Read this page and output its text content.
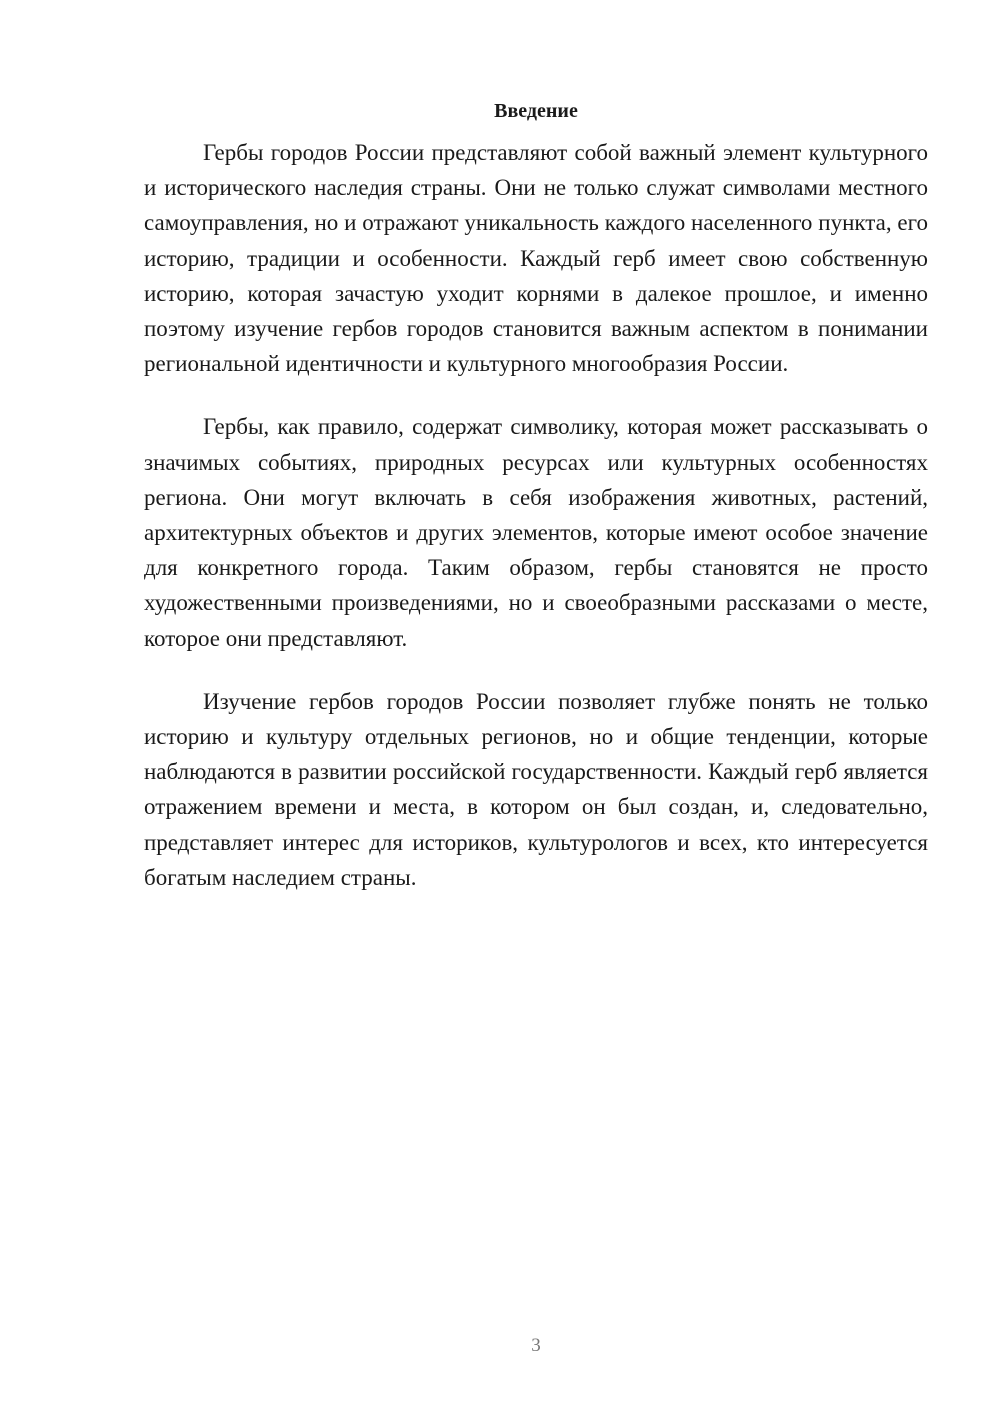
Введение

Гербы городов России представляют собой важный элемент культурного и исторического наследия страны. Они не только служат символами местного самоуправления, но и отражают уникальность каждого населенного пункта, его историю, традиции и особенности. Каждый герб имеет свою собственную историю, которая зачастую уходит корнями в далекое прошлое, и именно поэтому изучение гербов городов становится важным аспектом в понимании региональной идентичности и культурного многообразия России.

Гербы, как правило, содержат символику, которая может рассказывать о значимых событиях, природных ресурсах или культурных особенностях региона. Они могут включать в себя изображения животных, растений, архитектурных объектов и других элементов, которые имеют особое значение для конкретного города. Таким образом, гербы становятся не просто художественными произведениями, но и своеобразными рассказами о месте, которое они представляют.

Изучение гербов городов России позволяет глубже понять не только историю и культуру отдельных регионов, но и общие тенденции, которые наблюдаются в развитии российской государственности. Каждый герб является отражением времени и места, в котором он был создан, и, следовательно, представляет интерес для историков, культурологов и всех, кто интересуется богатым наследием страны.

3
